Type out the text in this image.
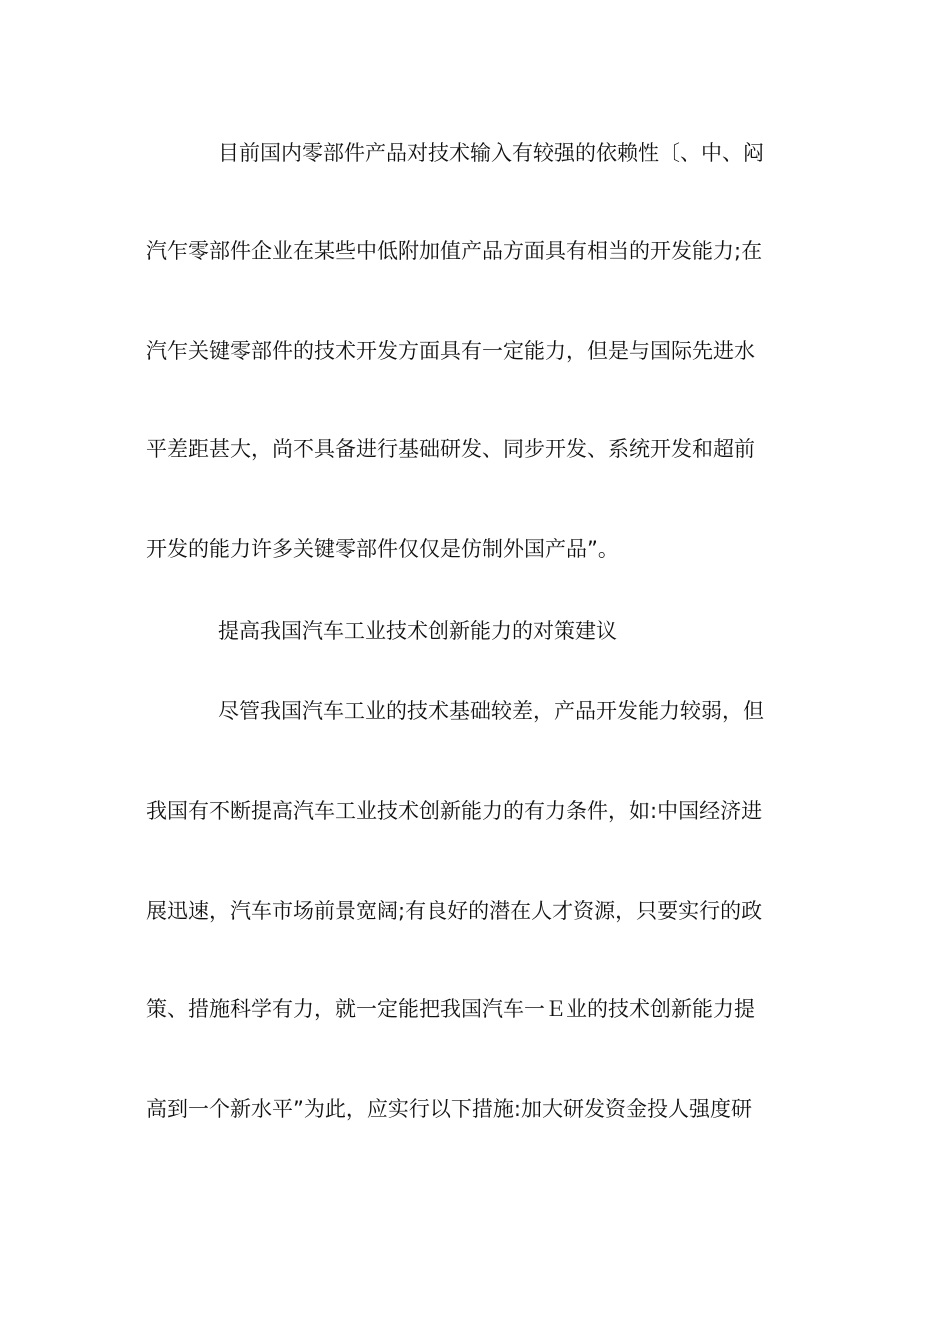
目前国内零部件产品对技术输入有较强的依赖性〔、中、闷
汽乍零部件企业在某些中低附加值产品方面具有相当的开发能力;在
汽乍关键零部件的技术开发方面具有一定能力，但是与国际先进水
平差距甚大，尚不具备进行基础研发、同步开发、系统开发和超前
开发的能力许多关键零部件仅仅是仿制外国产品”。
提高我国汽车工业技术创新能力的对策建议
尽管我国汽车工业的技术基础较差，产品开发能力较弱，但
我国有不断提高汽车工业技术创新能力的有力条件，如:中国经济进
展迅速，汽车市场前景宽阔;有良好的潜在人才资源，只要实行的政
策、措施科学有力，就一定能把我国汽车一Ｅ业的技术创新能力提
高到一个新水平”为此，应实行以下措施:加大研发资金投人强度研
